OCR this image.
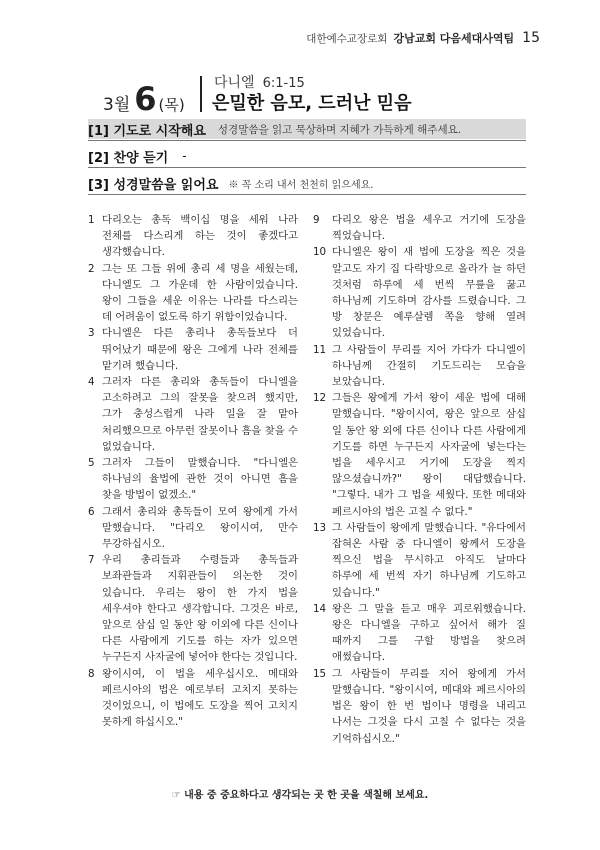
대한예수교장로회 강남교회 다음세대사역팀 15
3월 6 (목)
다니엘 6:1-15
은밀한 음모, 드러난 믿음
[1] 기도로 시작해요 성경말씀을 읽고 묵상하며 지혜가 가득하게 해주세요.
[2] 찬양 듣기 -
[3] 성경말씀을 읽어요 ※ 꼭 소리 내서 천천히 읽으세요.
1 다리오는 총독 백이십 명을 세워 나라 전체를 다스리게 하는 것이 좋겠다고 생각했습니다.
2 그는 또 그들 위에 총리 세 명을 세웠는데, 다니엘도 그 가운데 한 사람이었습니다. 왕이 그들을 세운 이유는 나라를 다스리는 데 어려움이 없도록 하기 위함이었습니다.
3 다니엘은 다른 총리나 총독들보다 더 뛰어났기 때문에 왕은 그에게 나라 전체를 맡기려 했습니다.
4 그러자 다른 총리와 총독들이 다니엘을 고소하려고 그의 잘못을 찾으려 했지만, 그가 충성스럽게 나라 일을 잘 맡아 처리했으므로 아무런 잘못이나 흠을 찾을 수 없었습니다.
5 그러자 그들이 말했습니다. "다니엘은 하나님의 율법에 관한 것이 아니면 흠을 찾을 방법이 없겠소."
6 그래서 총리와 총독들이 모여 왕에게 가서 말했습니다. "다리오 왕이시여, 만수 무강하십시오.
7 우리 총리들과 수령들과 총독들과 보좌관들과 지휘관들이 의논한 것이 있습니다. 우리는 왕이 한 가지 법을 세우셔야 한다고 생각합니다. 그것은 바로, 앞으로 삼십 일 동안 왕 이외에 다른 신이나 다른 사람에게 기도를 하는 자가 있으면 누구든지 사자굴에 넣어야 한다는 것입니다.
8 왕이시여, 이 법을 세우십시오. 메대와 페르시아의 법은 예로부터 고치지 못하는 것이었으니, 이 법에도 도장을 찍어 고치지 못하게 하십시오."
9	다리오 왕은 법을 세우고 거기에 도장을 찍었습니다.
10 다니엘은 왕이 새 법에 도장을 찍은 것을 알고도 자기 집 다락방으로 올라가 늘 하던 것처럼 하루에 세 번씩 무릎을 꿇고 하나님께 기도하며 감사를 드렸습니다. 그 방 창문은 예루살렘 쪽을 향해 열려 있었습니다.
11 그 사람들이 무리를 지어 가다가 다니엘이 하나님께 간절히 기도드리는 모습을 보았습니다.
12 그들은 왕에게 가서 왕이 세운 법에 대해 말했습니다. "왕이시여, 왕은 앞으로 삼십 일 동안 왕 외에 다른 신이나 다른 사람에게 기도를 하면 누구든지 사자굴에 넣는다는 법을 세우시고 거기에 도장을 찍지 않으셨습니까?" 왕이 대답했습니다. "그렇다. 내가 그 법을 세웠다. 또한 메대와 페르시아의 법은 고칠 수 없다."
13 그 사람들이 왕에게 말했습니다. "유다에서 잡혀온 사람 중 다니엘이 왕께서 도장을 찍으신 법을 무시하고 아직도 날마다 하루에 세 번씩 자기 하나님께 기도하고 있습니다."
14 왕은 그 말을 듣고 매우 괴로워했습니다. 왕은 다니엘을 구하고 싶어서 해가 질 때까지 그를 구할 방법을 찾으려 애썼습니다.
15 그 사람들이 무리를 지어 왕에게 가서 말했습니다. "왕이시여, 메대와 페르시아의 법은 왕이 한 번 법이나 명령을 내리고 나서는 그것을 다시 고칠 수 없다는 것을 기억하십시오."
☞ 내용 중 중요하다고 생각되는 곳 한 곳을 색칠해 보세요.
